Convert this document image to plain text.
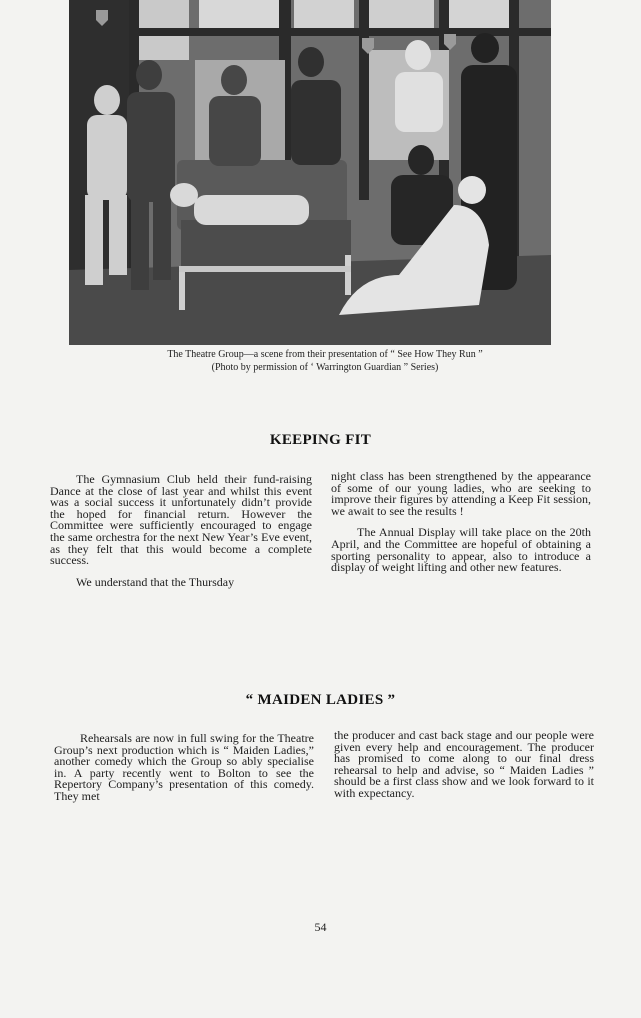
The Theatre Group—a scene from their presentation of “ See How They Run ”
(Photo by permission of ‘ Warrington Guardian ” Series)
KEEPING FIT

The Gymnasium Club held their fund-raising Dance at the close of last year and whilst this event was a social success it unfortunately didn’t provide the hoped for financial return. However the Committee were sufficiently encouraged to engage the same orchestra for the next New Year’s Eve event, as they felt that this would become a complete success.

We understand that the Thursday

night class has been strengthened by the appearance of some of our young ladies, who are seeking to improve their figures by attending a Keep Fit session, we await to see the results !

The Annual Display will take place on the 20th April, and the Committee are hopeful of obtaining a sporting personality to appear, also to introduce a display of weight lifting and other new features.

“ MAIDEN LADIES ”

Rehearsals are now in full swing for the Theatre Group’s next production which is “ Maiden Ladies,” another comedy which the Group so ably specialise in. A party recently went to Bolton to see the Repertory Company’s presentation of this comedy. They met

the producer and cast back stage and our people were given every help and encouragement. The producer has promised to come along to our final dress rehearsal to help and advise, so “ Maiden Ladies ” should be a first class show and we look forward to it with expectancy.

54
